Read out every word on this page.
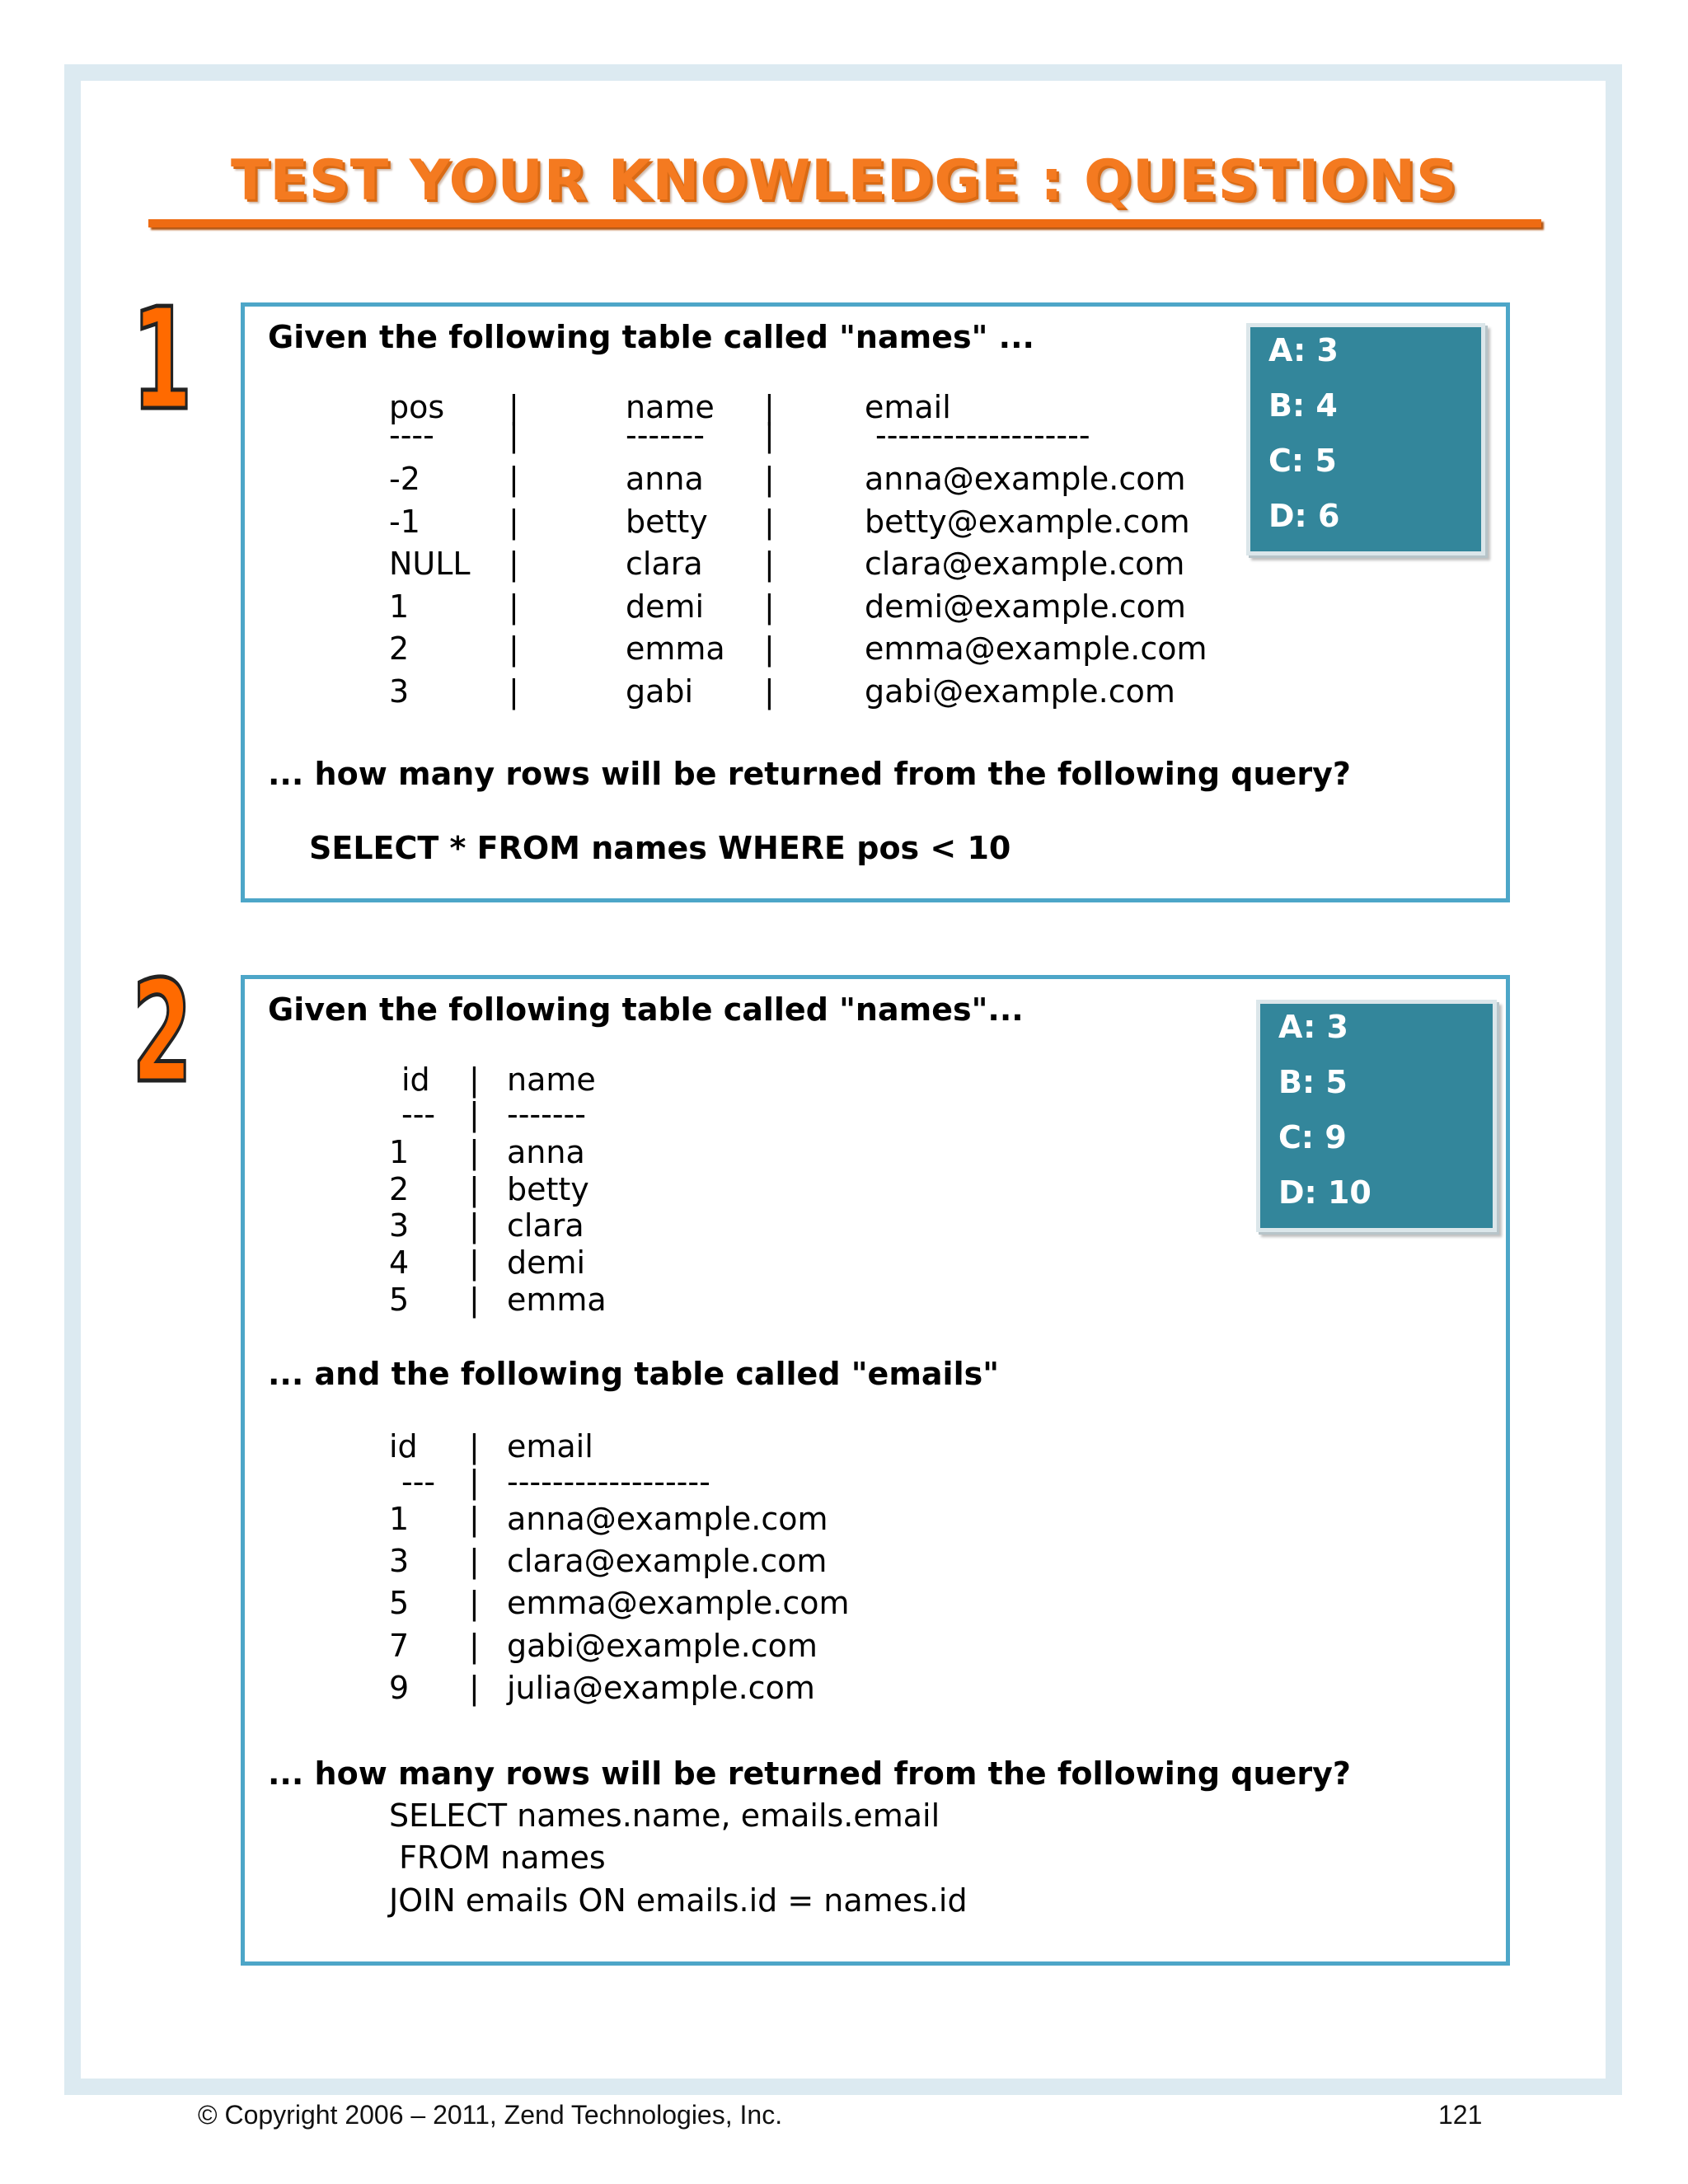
TEST YOUR KNOWLEDGE : QUESTIONS
1 Given the following table called "names" ...
pos |	name |	email
---- |	------- |	-------------------
-2	|	anna |	anna@example.com
-1	|	betty |	betty@example.com
NULL |	clara |	clara@example.com
1	|	demi |	demi@example.com
2	|	emma |	emma@example.com
3	|	gabi |	gabi@example.com
... how many rows will be returned from the following query?
SELECT * FROM names WHERE pos < 10
A: 3
B: 4
C: 5
D: 6
2 Given the following table called "names"...
id | name
--- | -------
1 | anna
2 | betty
3 | clara
4 | demi
5 | emma
... and the following table called "emails"
id | email
--- | ------------------
1 | anna@example.com
3 | clara@example.com
5 | emma@example.com
7 | gabi@example.com
9 | julia@example.com
... how many rows will be returned from the following query?
SELECT names.name, emails.email
FROM names
JOIN emails ON emails.id = names.id
A: 3
B: 5
C: 9
D: 10
© Copyright 2006 – 2011, Zend Technologies, Inc.	121
